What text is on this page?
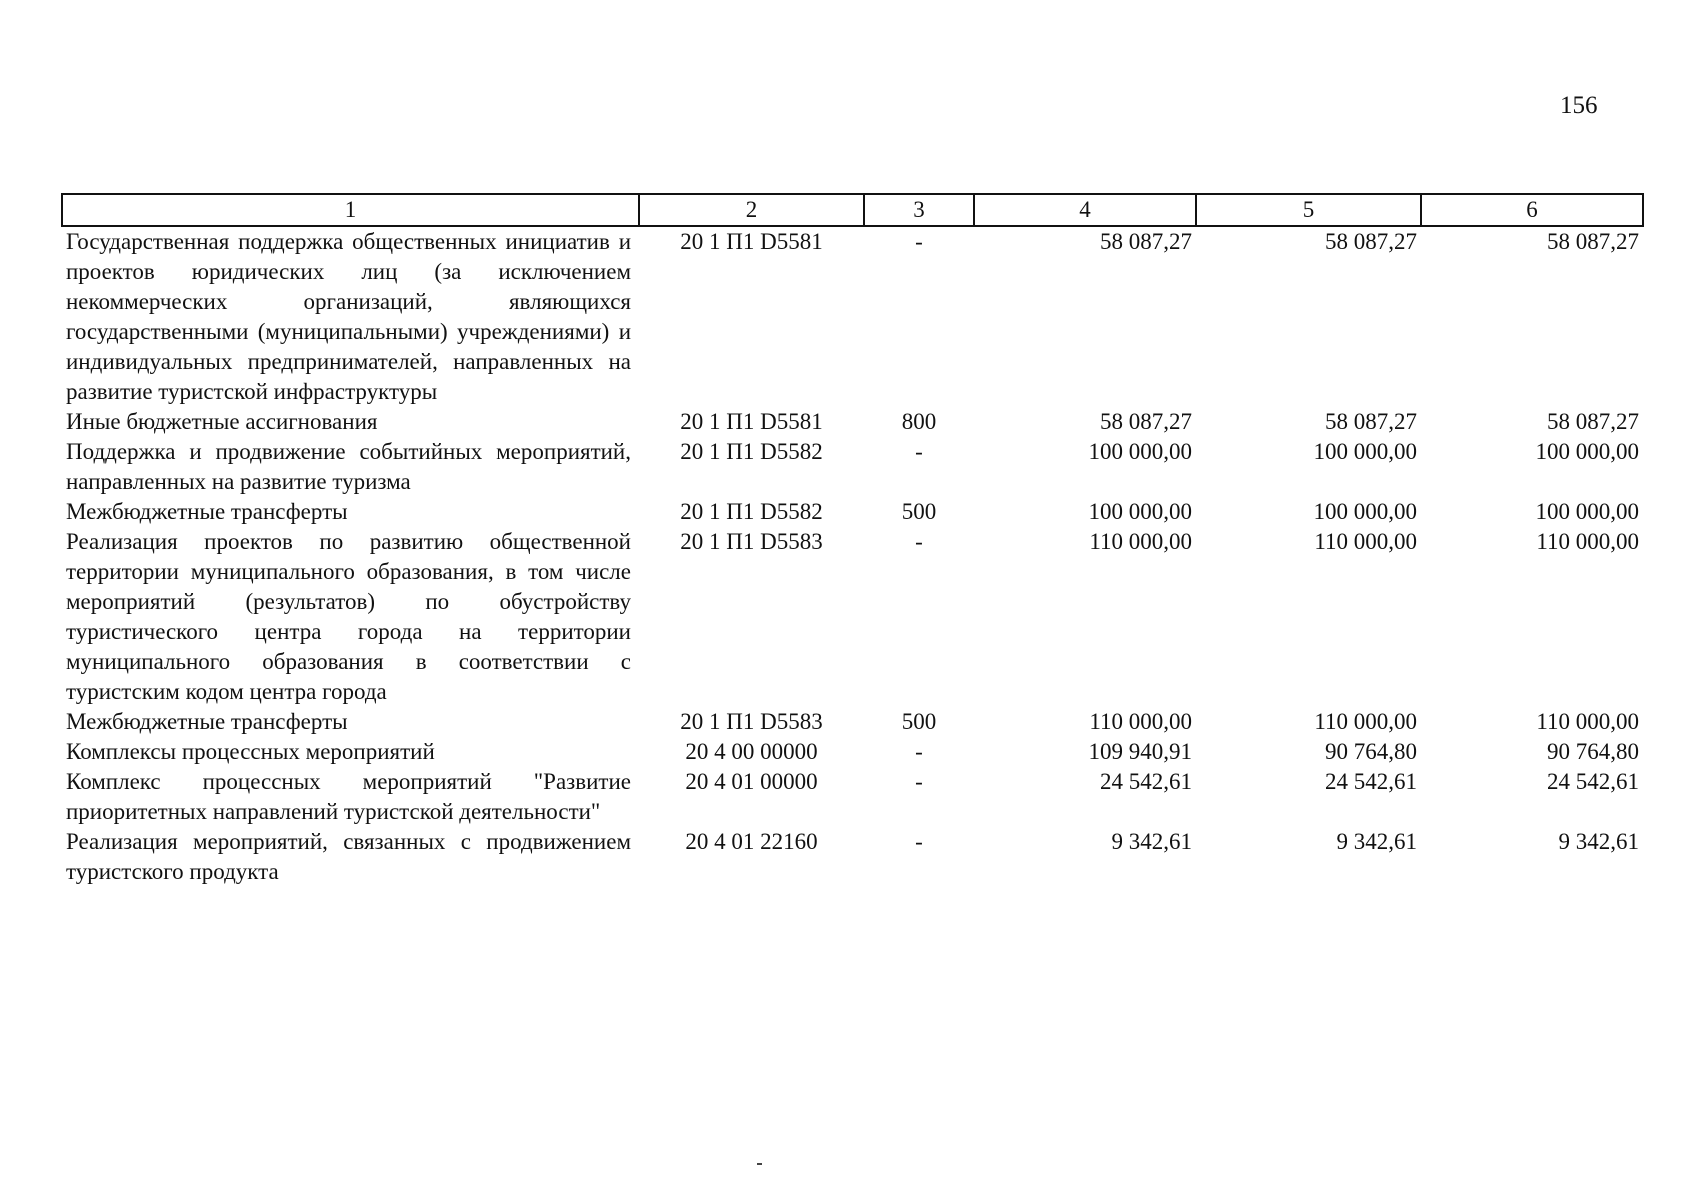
156
1	2	3	4	5	6
Государственная поддержка общественных инициатив и проектов юридических лиц (за исключением некоммерческих организаций, являющихся государственными (муниципальными) учреждениями) и индивидуальных предпринимателей, направленных на развитие туристской инфраструктуры	20 1 П1 D5581	-	58 087,27	58 087,27	58 087,27
Иные бюджетные ассигнования	20 1 П1 D5581	800	58 087,27	58 087,27	58 087,27
Поддержка и продвижение событийных мероприятий, направленных на развитие туризма	20 1 П1 D5582	-	100 000,00	100 000,00	100 000,00
Межбюджетные трансферты	20 1 П1 D5582	500	100 000,00	100 000,00	100 000,00
Реализация проектов по развитию общественной территории муниципального образования, в том числе мероприятий (результатов) по обустройству туристического центра города на территории муниципального образования в соответствии с туристским кодом центра города	20 1 П1 D5583	-	110 000,00	110 000,00	110 000,00
Межбюджетные трансферты	20 1 П1 D5583	500	110 000,00	110 000,00	110 000,00
Комплексы процессных мероприятий	20 4 00 00000	-	109 940,91	90 764,80	90 764,80
Комплекс процессных мероприятий "Развитие приоритетных направлений туристской деятельности"	20 4 01 00000	-	24 542,61	24 542,61	24 542,61
Реализация мероприятий, связанных с продвижением туристского продукта	20 4 01 22160	-	9 342,61	9 342,61	9 342,61
